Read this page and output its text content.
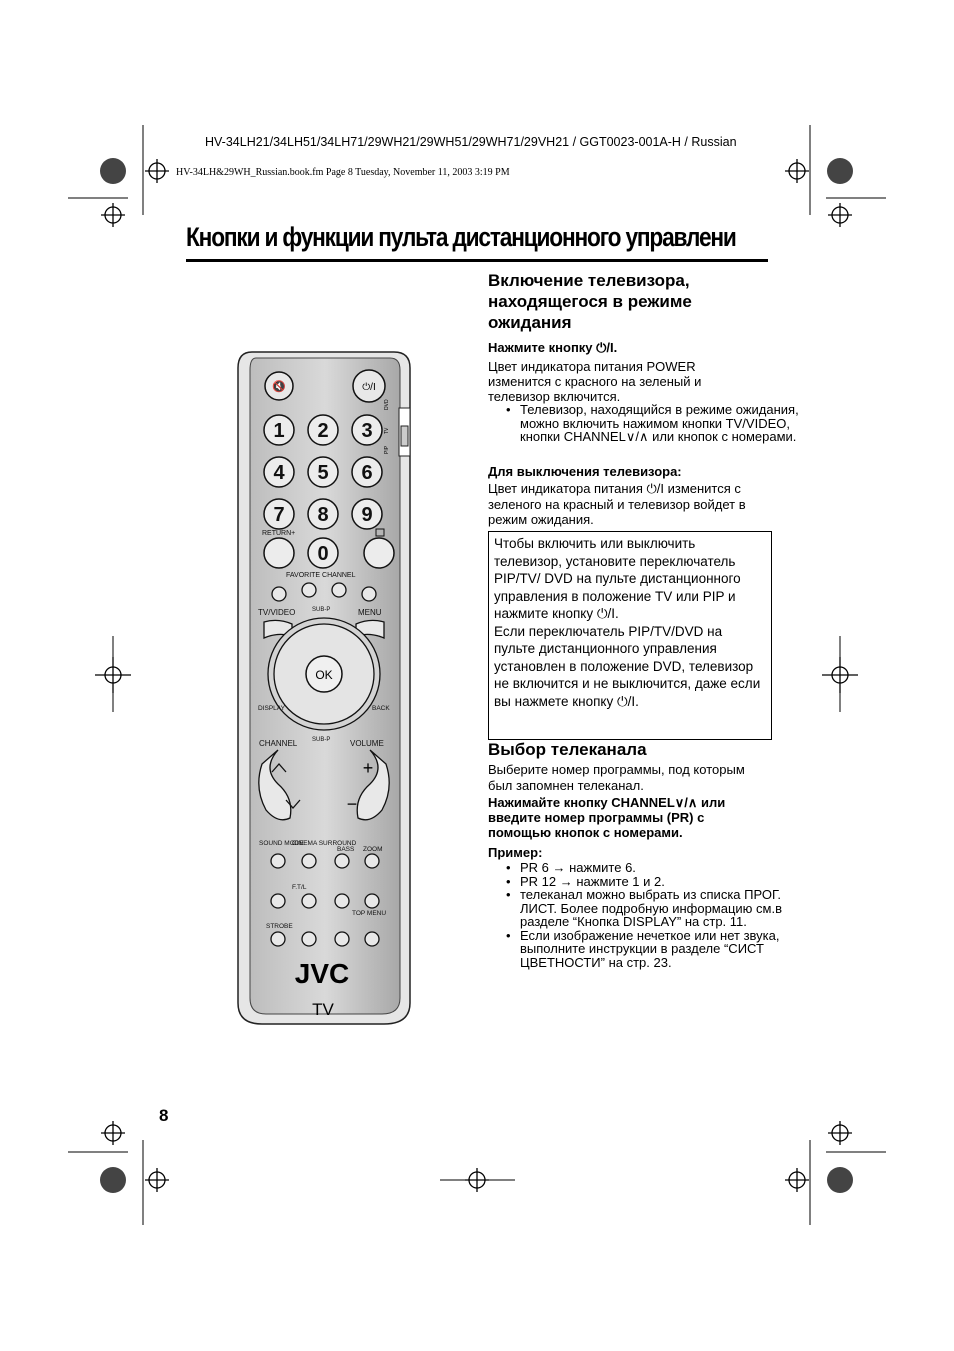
HV-34LH21/34LH51/34LH71/29WH21/29WH51/29WH71/29VH21 / GGT0023-001A-H / Russian
HV-34LH&29WH_Russian.book.fm Page 8 Tuesday, November 11, 2003 3:19 PM
Кнопки и функции пульта дистанционного управлени
DVD
TV
PIP
⏻/I
🔇
1 2 3
4 5 6
7 8 9
0
RETURN+
FAVORITE CHANNEL
TV/VIDEO	SUB-P	MENU
OK
DISPLAY	BACK
CHANNEL SUB-P VOLUME
+
−
SOUND MODE
CINEMA SURROUND
BASS ZOOM
F.T/L
STROBE
TOP MENU
JVC
TV
Включение телевизора, находящегося в режиме ожидания

Нажмите кнопку ⏻/I.

Цвет индикатора питания POWER изменится с красного на зеленый и телевизор включится.

• Телевизор, находящийся в режиме ожидания, можно включить нажимом кнопки TV/VIDEO, кнопки CHANNEL∨/∧ или кнопок с номерами.

Для выключения телевизора:

Цвет индикатора питания ⏻/I изменится с зеленого на красный и телевизор войдет в режим ожидания.

Чтобы включить или выключить телевизор, установите переключатель PIP/TV/ DVD на пульте дистанционного управления в положение TV или PIP и нажмите кнопку ⏻/I.

Если переключатель PIP/TV/DVD на пульте дистанционного управления установлен в положение DVD, телевизор не включится и не выключится, даже если вы нажмете кнопку ⏻/I.

Выбор телеканала

Выберите номер программы, под которым был запомнен телеканал.

Нажимайте кнопку CHANNEL∨/∧ или введите номер программы (PR) с помощью кнопок с номерами.

Пример:

• PR 6 → нажмите 6.
• PR 12 → нажмите 1 и 2.
• телеканал можно выбрать из списка ПРОГ. ЛИСТ. Более подробную информацию см.в разделе “Кнопка DISPLAY” на стр. 11.
• Если изображение нечеткое или нет звука, выполните инструкции в разделе “СИСТ ЦВЕТНОСТИ” на стр. 23.
8
